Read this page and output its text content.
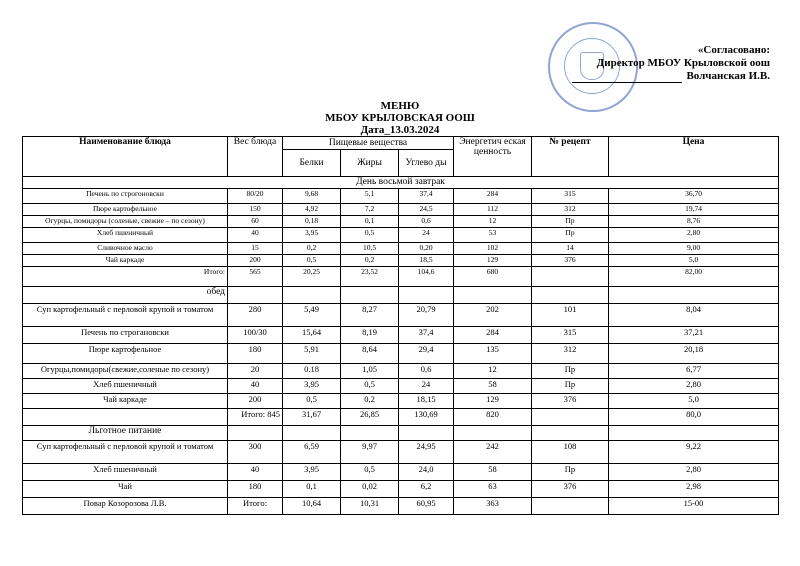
«Согласовано:
Директор МБОУ Крыловской оош
Волчанская И.В.
МЕНЮ
МБОУ КРЫЛОВСКАЯ ООШ
Дата_13.03.2024
Наименование блюда	Вес блюда	Пищевые вещества			Энергетич еская ценность	№ рецепт	Цена
		Белки	Жиры	Углево ды			
День восьмой завтрак							
Печень по строгоновски	80/20	9,68	5,1	37,4	284	315	36,70
Пюре картофельное	150	4,92	7,2	24,5	112	312	19,74
Огурцы, помидоры (соленые, свежие – по сезону)	60	0,18	0,1	0,6	12	Пр	8,76
Хлеб пшеничный	40	3,95	0,5	24	53	Пр	2,80
Сливочное масло	15	0,2	10,5	0,20	102	14	9,00
Чай каркаде	200	0,5	0,2	18,5	129	376	5,0
Итого:	565	20,25	23,52	104,6	680		82,00
обед							
Суп картофельный с перловой крупой и томатом	280	5,49	8,27	20,79	202	101	8,04
Печень по строгановски	100/30	15,64	8,19	37,4	284	315	37,21
Пюре картофельное	180	5,91	8,64	29,4	135	312	20,18
Огурцы,помидоры(свежие,соленые по сезону)	20	0.18	1,05	0,6	12	Пр	6,77
Хлеб пшеничный	40	3,95	0,5	24	58	Пр	2,80
Чай каркаде	200	0,5	0,2	18,15	129	376	5,0
	Итого: 845	31,67	26,85	130,69	820		80,0
Льготное питание							
Суп картофельный с перловой крупой и томатом	300	6,59	9,97	24,95	242	108	9,22
Хлеб пшеничный	40	3,95	0,5	24,0	58	Пр	2,80
Чай	180	0,1	0,02	6,2	63	376	2,98
Повар Козорозова Л.В.	Итого:	10,64	10,31	60,95	363		15-00
